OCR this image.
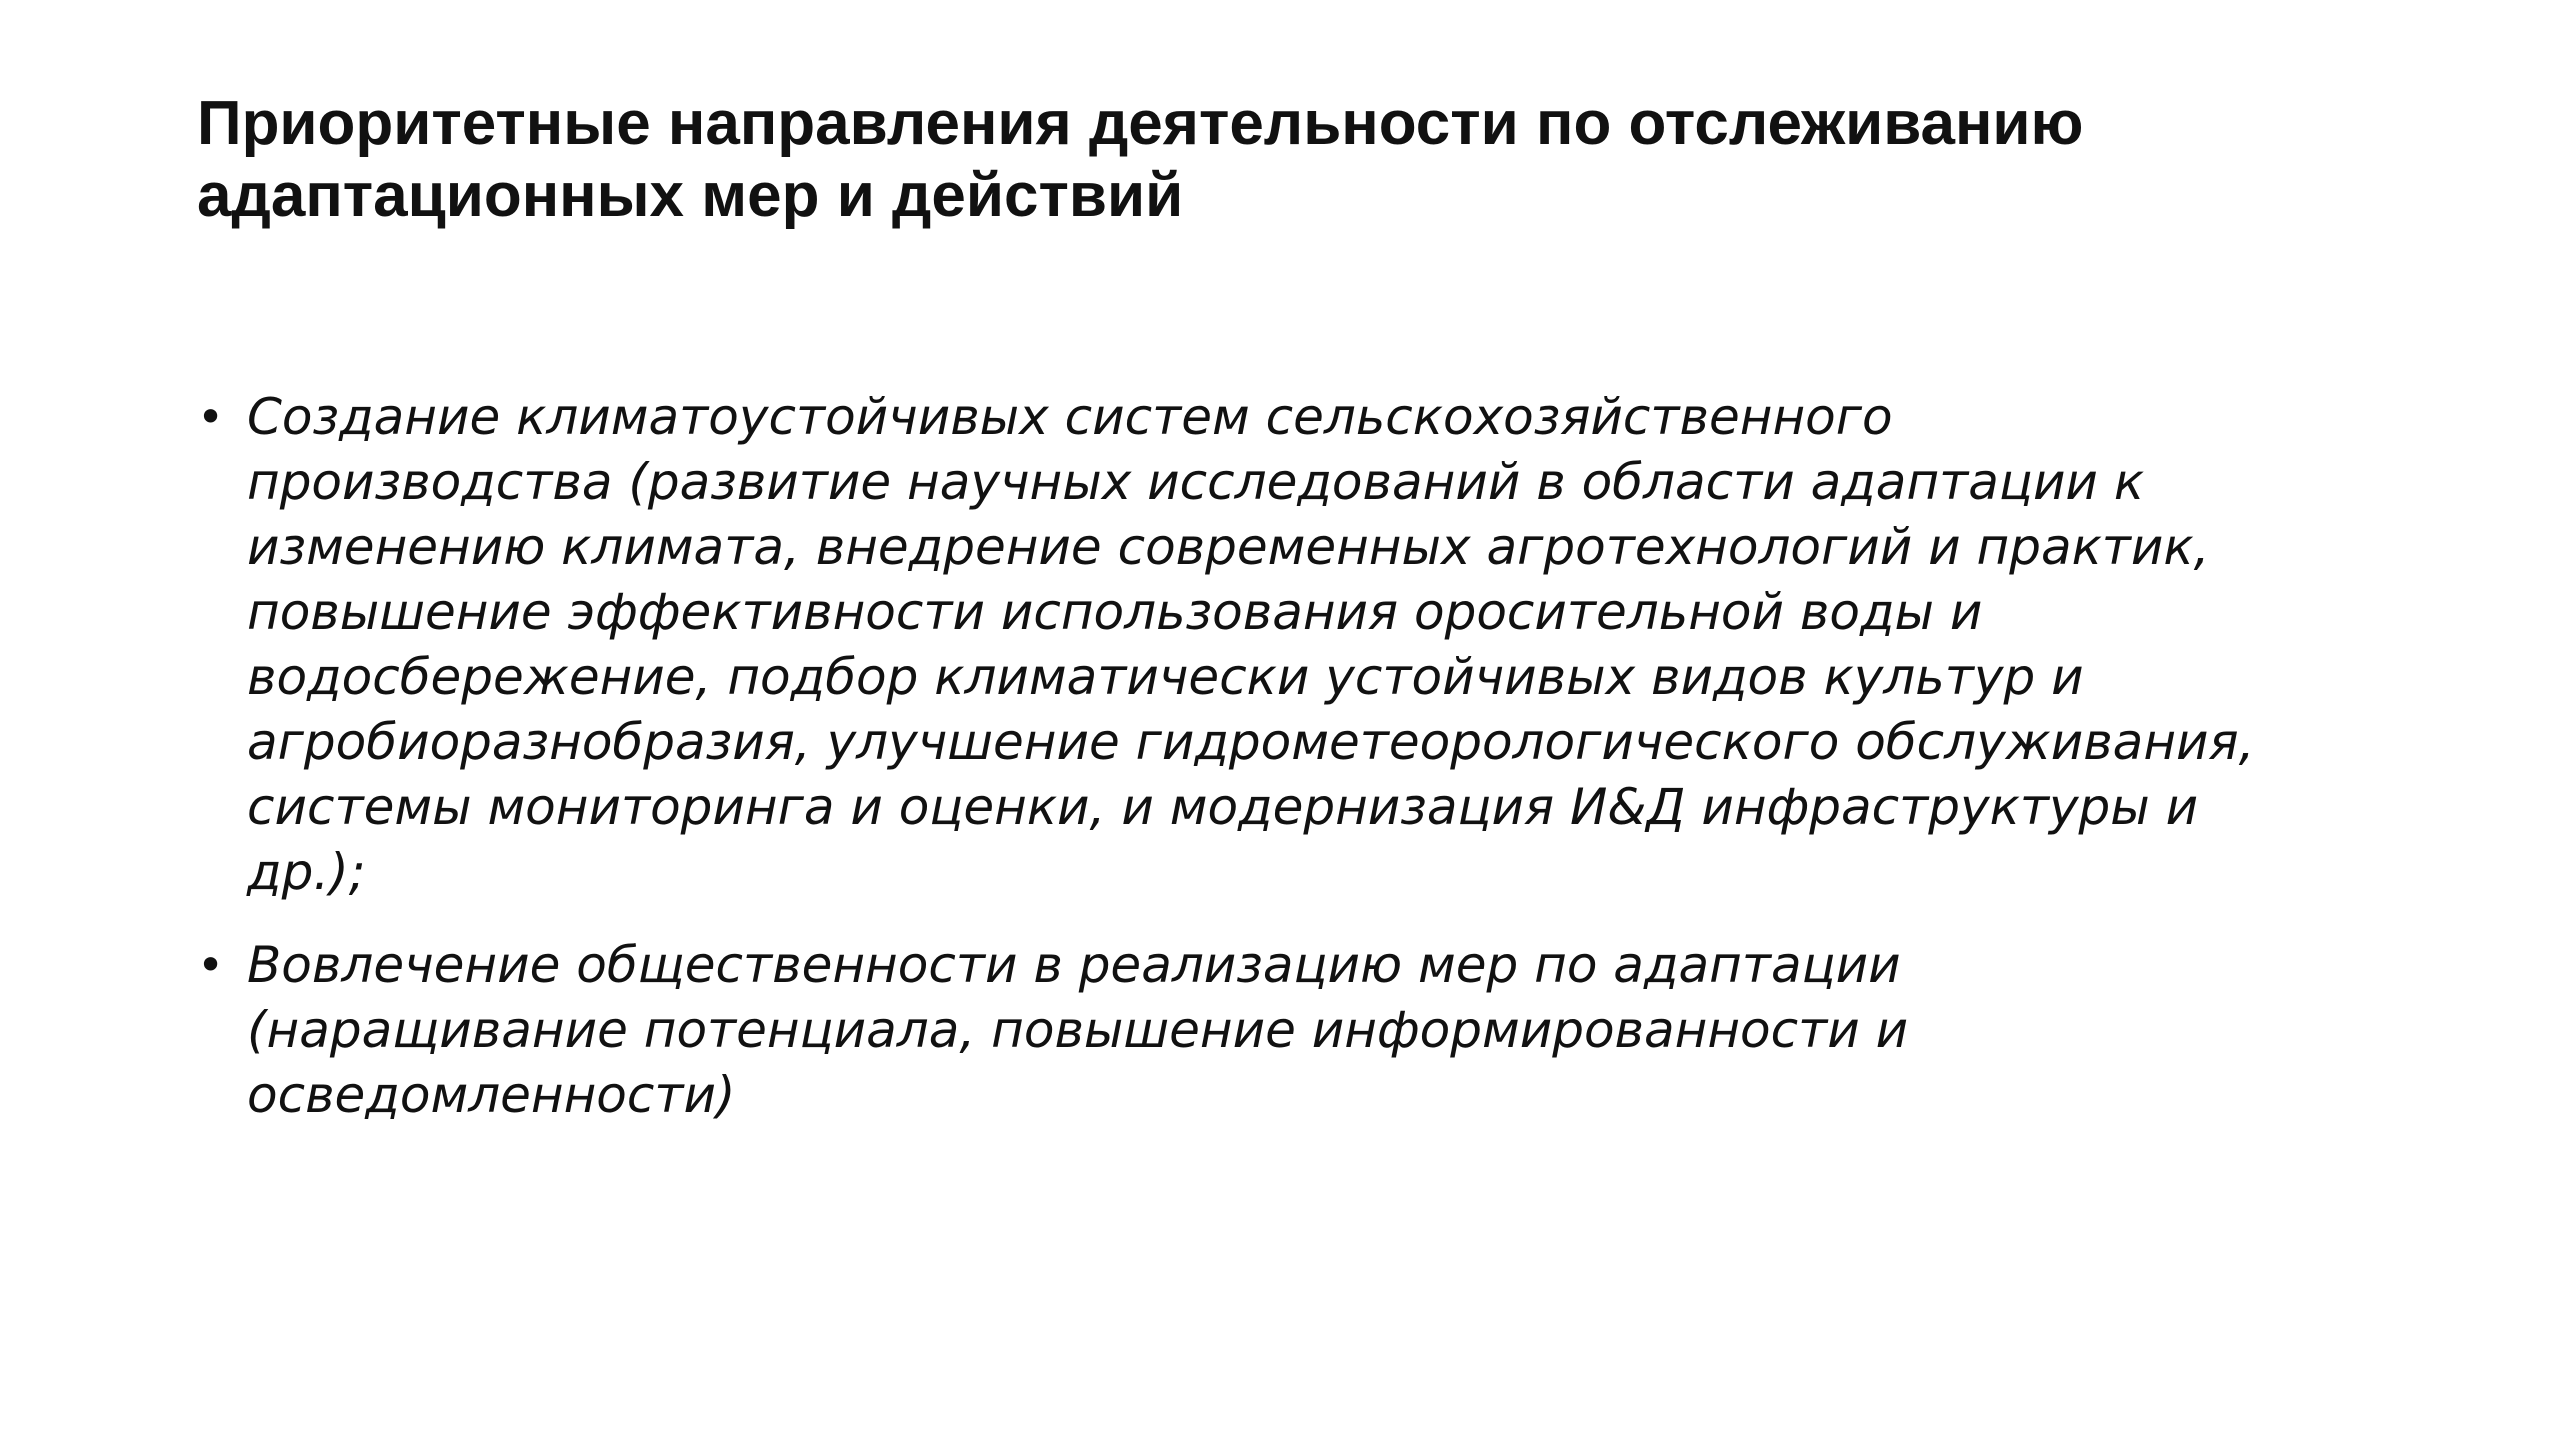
Приоритетные направления деятельности по отслеживанию
адаптационных мер и действий
• Создание климатоустойчивых систем сельскохозяйственного
производства (развитие научных исследований в области адаптации к
изменению климата, внедрение современных агротехнологий и практик,
повышение эффективности использования оросительной воды и
водосбережение, подбор климатически устойчивых видов культур и
агробиоразнобразия, улучшение гидрометеорологического обслуживания,
системы мониторинга и оценки, и модернизация И&Д инфраструктуры и
др.);
• Вовлечение общественности в реализацию мер по адаптации
(наращивание потенциала, повышение информированности и
осведомленности)
